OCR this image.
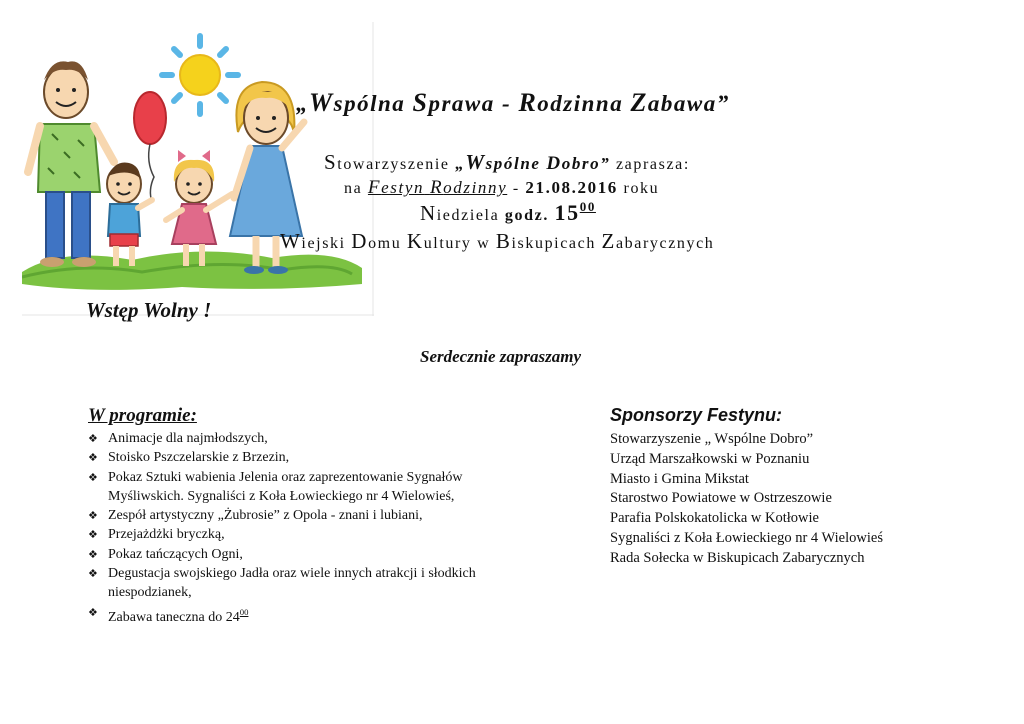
„Wspólna Sprawa - Rodzinna Zabawa”
Stowarzyszenie „Wspólne Dobro” zaprasza:
na Festyn Rodzinny - 21.08.2016 roku
Niedziela godz. $15^{00}$
Wiejski Domu Kultury w Biskupicach Zabarycznych
Wstęp Wolny !
Serdecznie zapraszamy
W programie:
❖ Animacje dla najmłodszych,
❖ Stoisko Pszczelarskie z Brzezin,
❖ Pokaz Sztuki wabienia Jelenia oraz zaprezentowanie Sygnałów Myśliwskich. Sygnaliści z Koła Łowieckiego nr 4 Wielowieś,
❖ Zespół artystyczny „Żubrosie” z Opola - znani i lubiani,
❖ Przejażdżki bryczką,
❖ Pokaz tańczących Ogni,
❖ Degustacja swojskiego Jadła oraz wiele innych atrakcji i słodkich niespodzianek,
❖ Zabawa taneczna do $24^{00}$
Sponsorzy Festynu:
Stowarzyszenie „ Wspólne Dobro”
Urząd Marszałkowski w Poznaniu
Miasto i Gmina Mikstat
Starostwo Powiatowe w Ostrzeszowie
Parafia Polskokatolicka w Kotłowie
Sygnaliści z Koła Łowieckiego nr 4 Wielowieś
Rada Sołecka w Biskupicach Zabarycznych
